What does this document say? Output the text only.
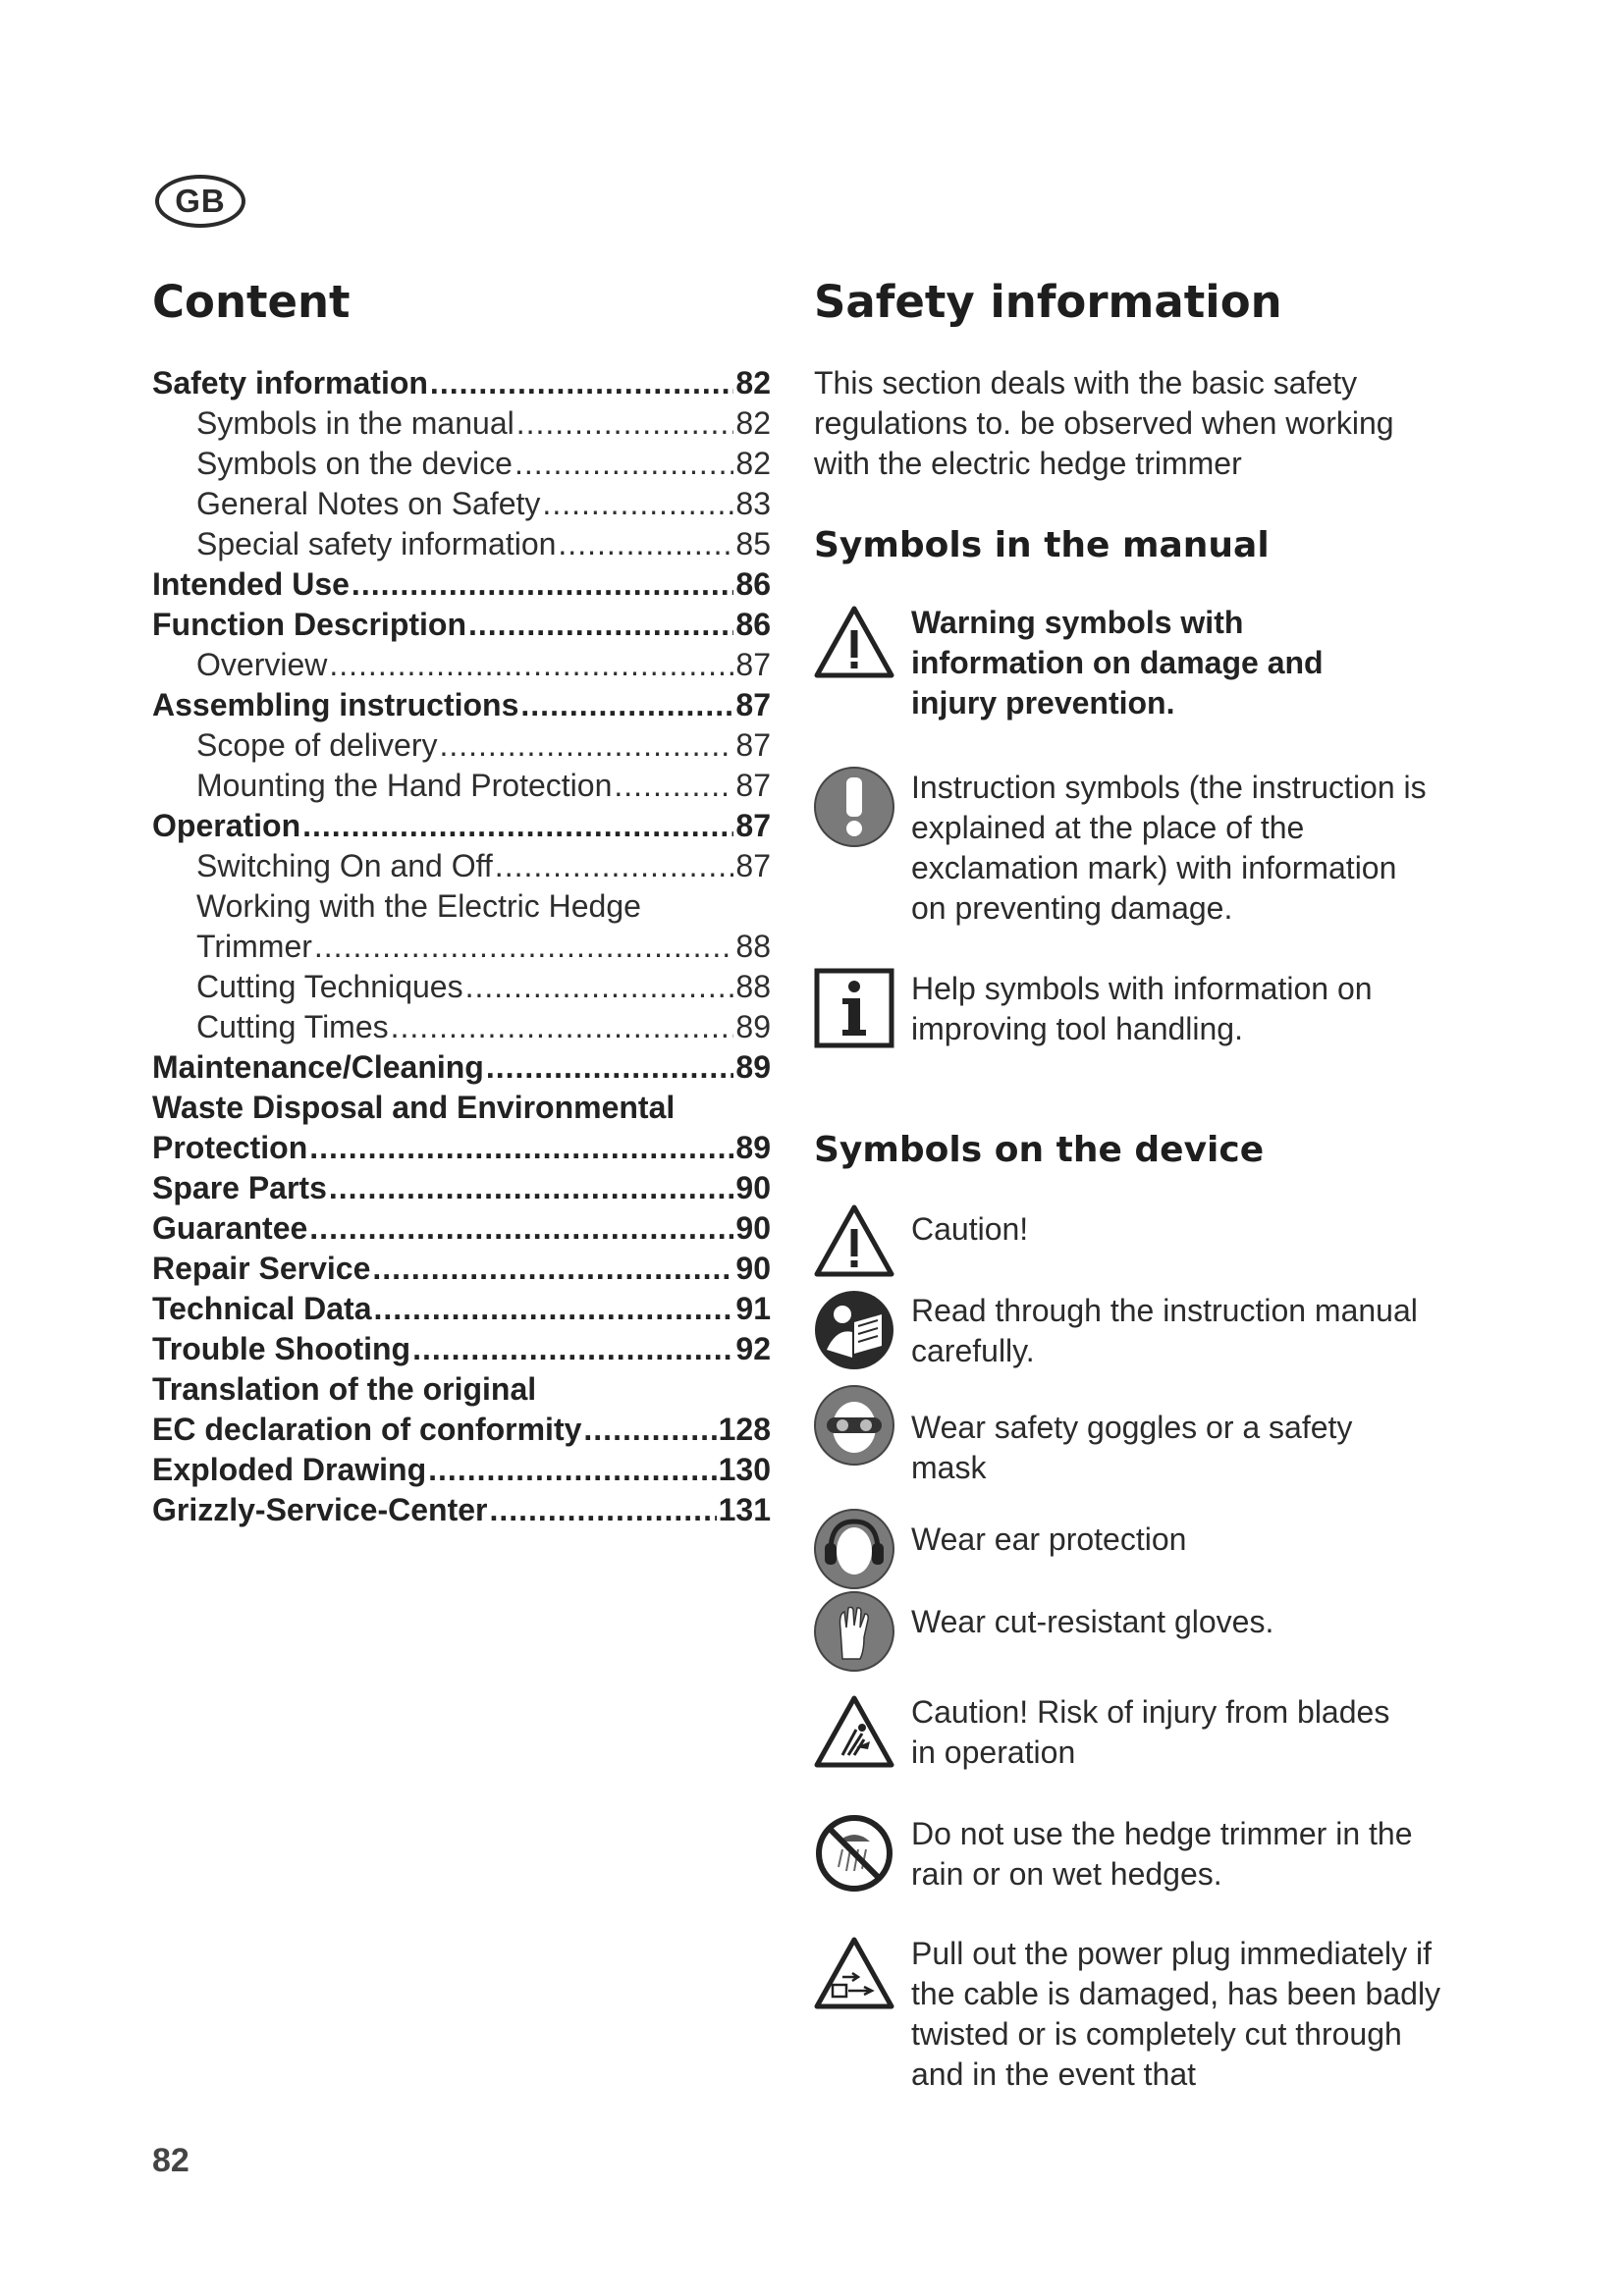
GB
Content	Safety information
Safety information .....	82
Symbols in the manual .....	82
Symbols on the device .....	82
General Notes on Safety .....	83
Special safety information .....	85
Intended Use .....	86
Function Description .....	86
Overview .....	87
Assembling instructions .....	87
Scope of delivery .....	87
Mounting the Hand Protection .....	87
Operation .....	87
Switching On and Off .....	87
Working with the Electric Hedge
Trimmer .....	88
Cutting Techniques .....	88
Cutting Times .....	89
Maintenance/Cleaning .....	89
Waste Disposal and Environmental
Protection .....	89
Spare Parts .....	90
Guarantee .....	90
Repair Service .....	90
Technical Data .....	91
Trouble Shooting .....	92
Translation of the original
EC declaration of conformity .....	128
Exploded Drawing .....	130
Grizzly-Service-Center .....	131

This section deals with the basic safety regulations to. be observed when working with the electric hedge trimmer

Symbols in the manual
Warning symbols with information on damage and injury prevention.
Instruction symbols (the instruction is explained at the place of the exclamation mark) with information on preventing damage.
Help symbols with information on improving tool handling.
Symbols on the device
Caution!
Read through the instruction manual carefully.
Wear safety goggles or a safety mask
Wear ear protection
Wear cut-resistant gloves.
Caution! Risk of injury from blades in operation
Do not use the hedge trimmer in the rain or on wet hedges.
Pull out the power plug immediately if the cable is damaged, has been badly twisted or is completely cut through and in the event that
82
